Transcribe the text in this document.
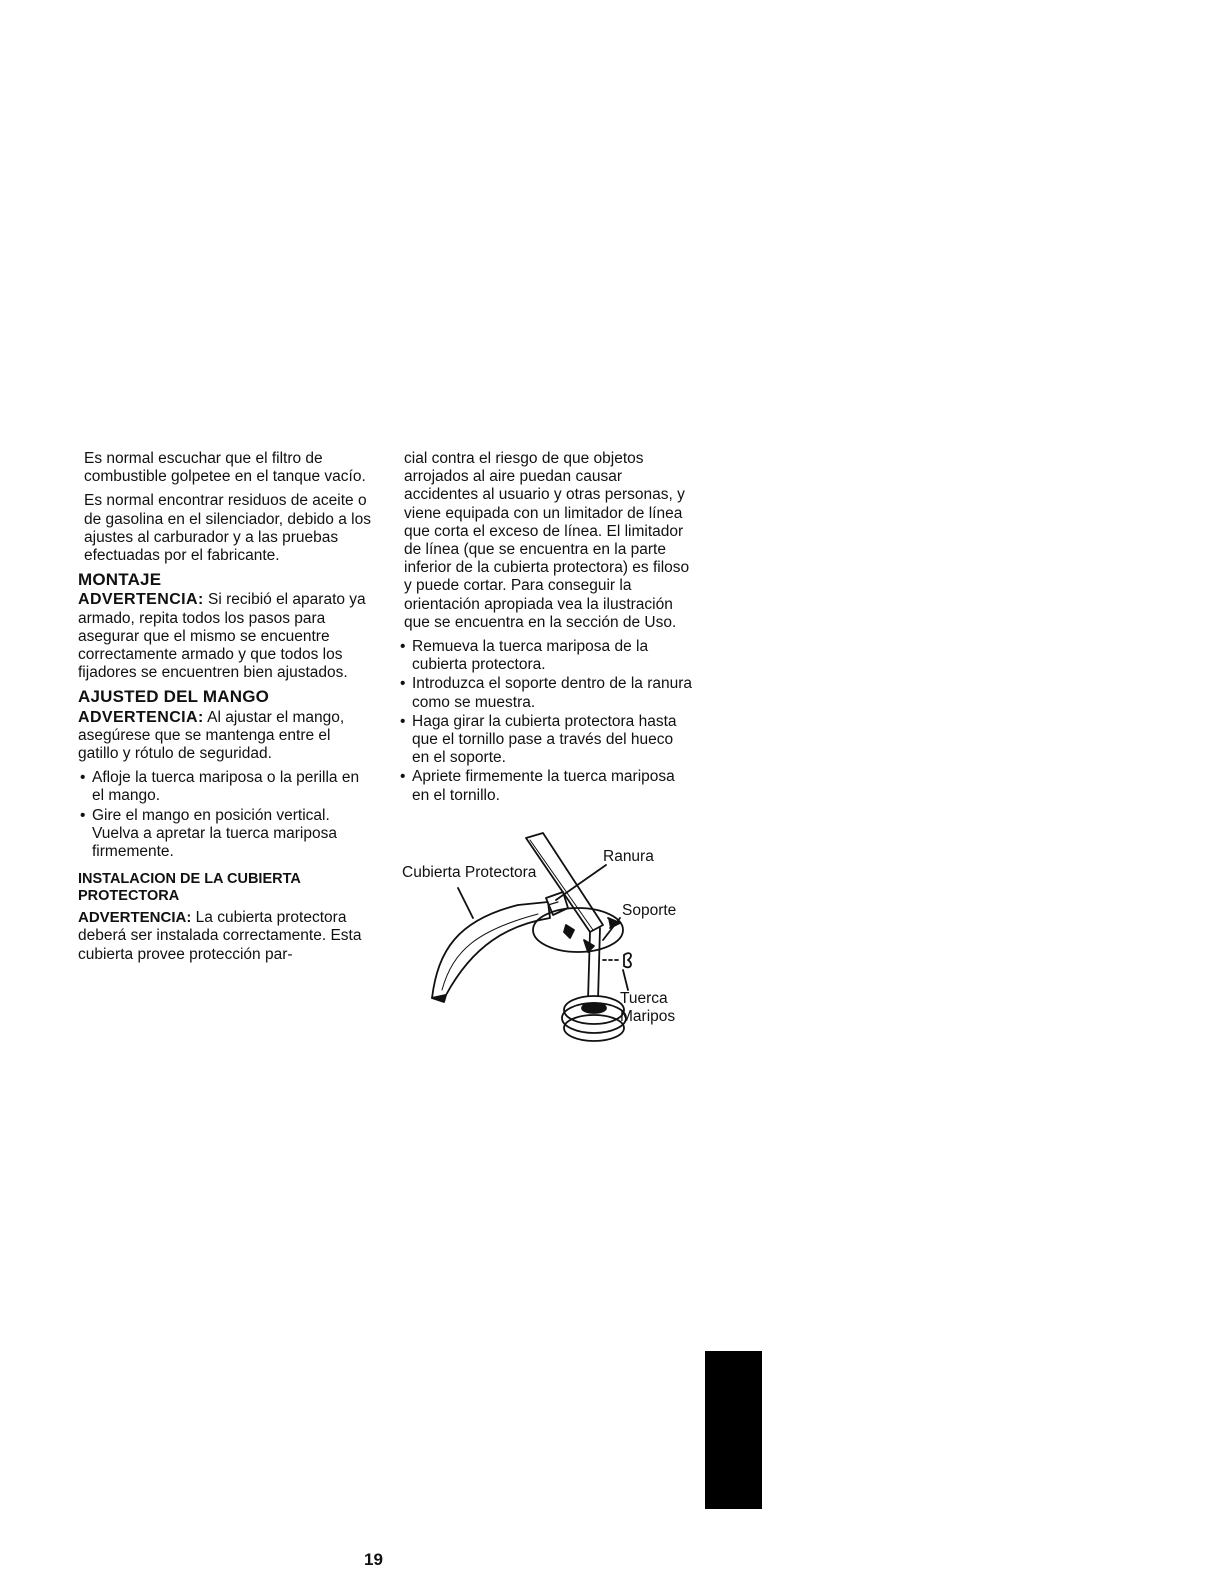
Es normal escuchar que el filtro de combustible golpetee en el tanque vacío.

Es normal encontrar residuos de aceite o de gasolina en el silenciador, debido a los ajustes al carburador y a las pruebas efectuadas por el fabricante.

MONTAJE

ADVERTENCIA: Si recibió el aparato ya armado, repita todos los pasos para asegurar que el mismo se encuentre correctamente armado y que todos los fijadores se encuentren bien ajustados.

AJUSTED DEL MANGO

ADVERTENCIA: Al ajustar el mango, asegúrese que se mantenga entre el gatillo y rótulo de seguridad.

• Afloje la tuerca mariposa o la perilla en el mango.
• Gire el mango en posición vertical. Vuelva a apretar la tuerca mariposa firmemente.
INSTALACION DE LA CUBIERTA PROTECTORA

ADVERTENCIA: La cubierta protectora deberá ser instalada correctamente. Esta cubierta provee protección par-

cial contra el riesgo de que objetos arrojados al aire puedan causar accidentes al usuario y otras personas, y viene equipada con un limitador de línea que corta el exceso de línea. El limitador de línea (que se encuentra en la parte inferior de la cubierta protectora) es filoso y puede cortar. Para conseguir la orientación apropiada vea la ilustración que se encuentra en la sección de Uso.

• Remueva la tuerca mariposa de la cubierta protectora.
• Introduzca el soporte dentro de la ranura como se muestra.
• Haga girar la cubierta protectora hasta que el tornillo pase a través del hueco en el soporte.
• Apriete firmemente la tuerca mariposa en el tornillo.
Ranura
Cubierta Protectora
Soporte
Tuerca
Maripos
19
